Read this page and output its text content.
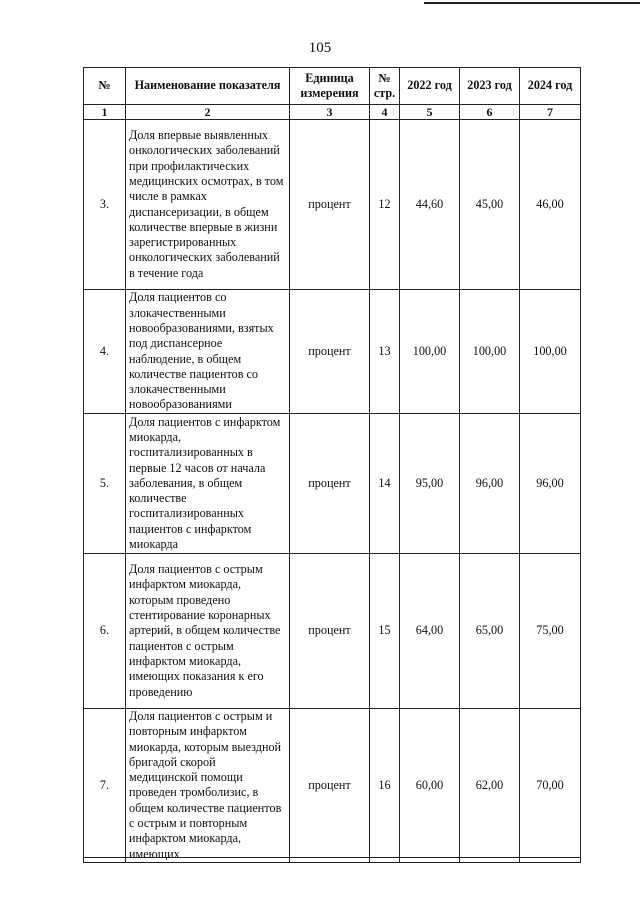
105
№	Наименование показателя	Единица измерения	№ стр.	2022 год	2023 год	2024 год
1	2	3	4	5	6	7
3.	Доля впервые выявленных онкологических заболеваний при профилактических медицинских осмотрах, в том числе в рамках диспансеризации, в общем количестве впервые в жизни зарегистрированных онкологических заболеваний в течение года	процент	12	44,60	45,00	46,00
4.	Доля пациентов со злокачественными новообразованиями, взятых под диспансерное наблюдение, в общем количестве пациентов со злокачественными новообразованиями	процент	13	100,00	100,00	100,00
5.	Доля пациентов с инфарктом миокарда, госпитализированных в первые 12 часов от начала заболевания, в общем количестве госпитализированных пациентов с инфарктом миокарда	процент	14	95,00	96,00	96,00
6.	Доля пациентов с острым инфарктом миокарда, которым проведено стентирование коронарных артерий, в общем количестве пациентов с острым инфарктом миокарда, имеющих показания к его проведению	процент	15	64,00	65,00	75,00
7.	Доля пациентов с острым и повторным инфарктом миокарда, которым выездной бригадой скорой медицинской помощи проведен тромболизис, в общем количестве пациентов с острым и повторным инфарктом миокарда, имеющих	процент	16	60,00	62,00	70,00
